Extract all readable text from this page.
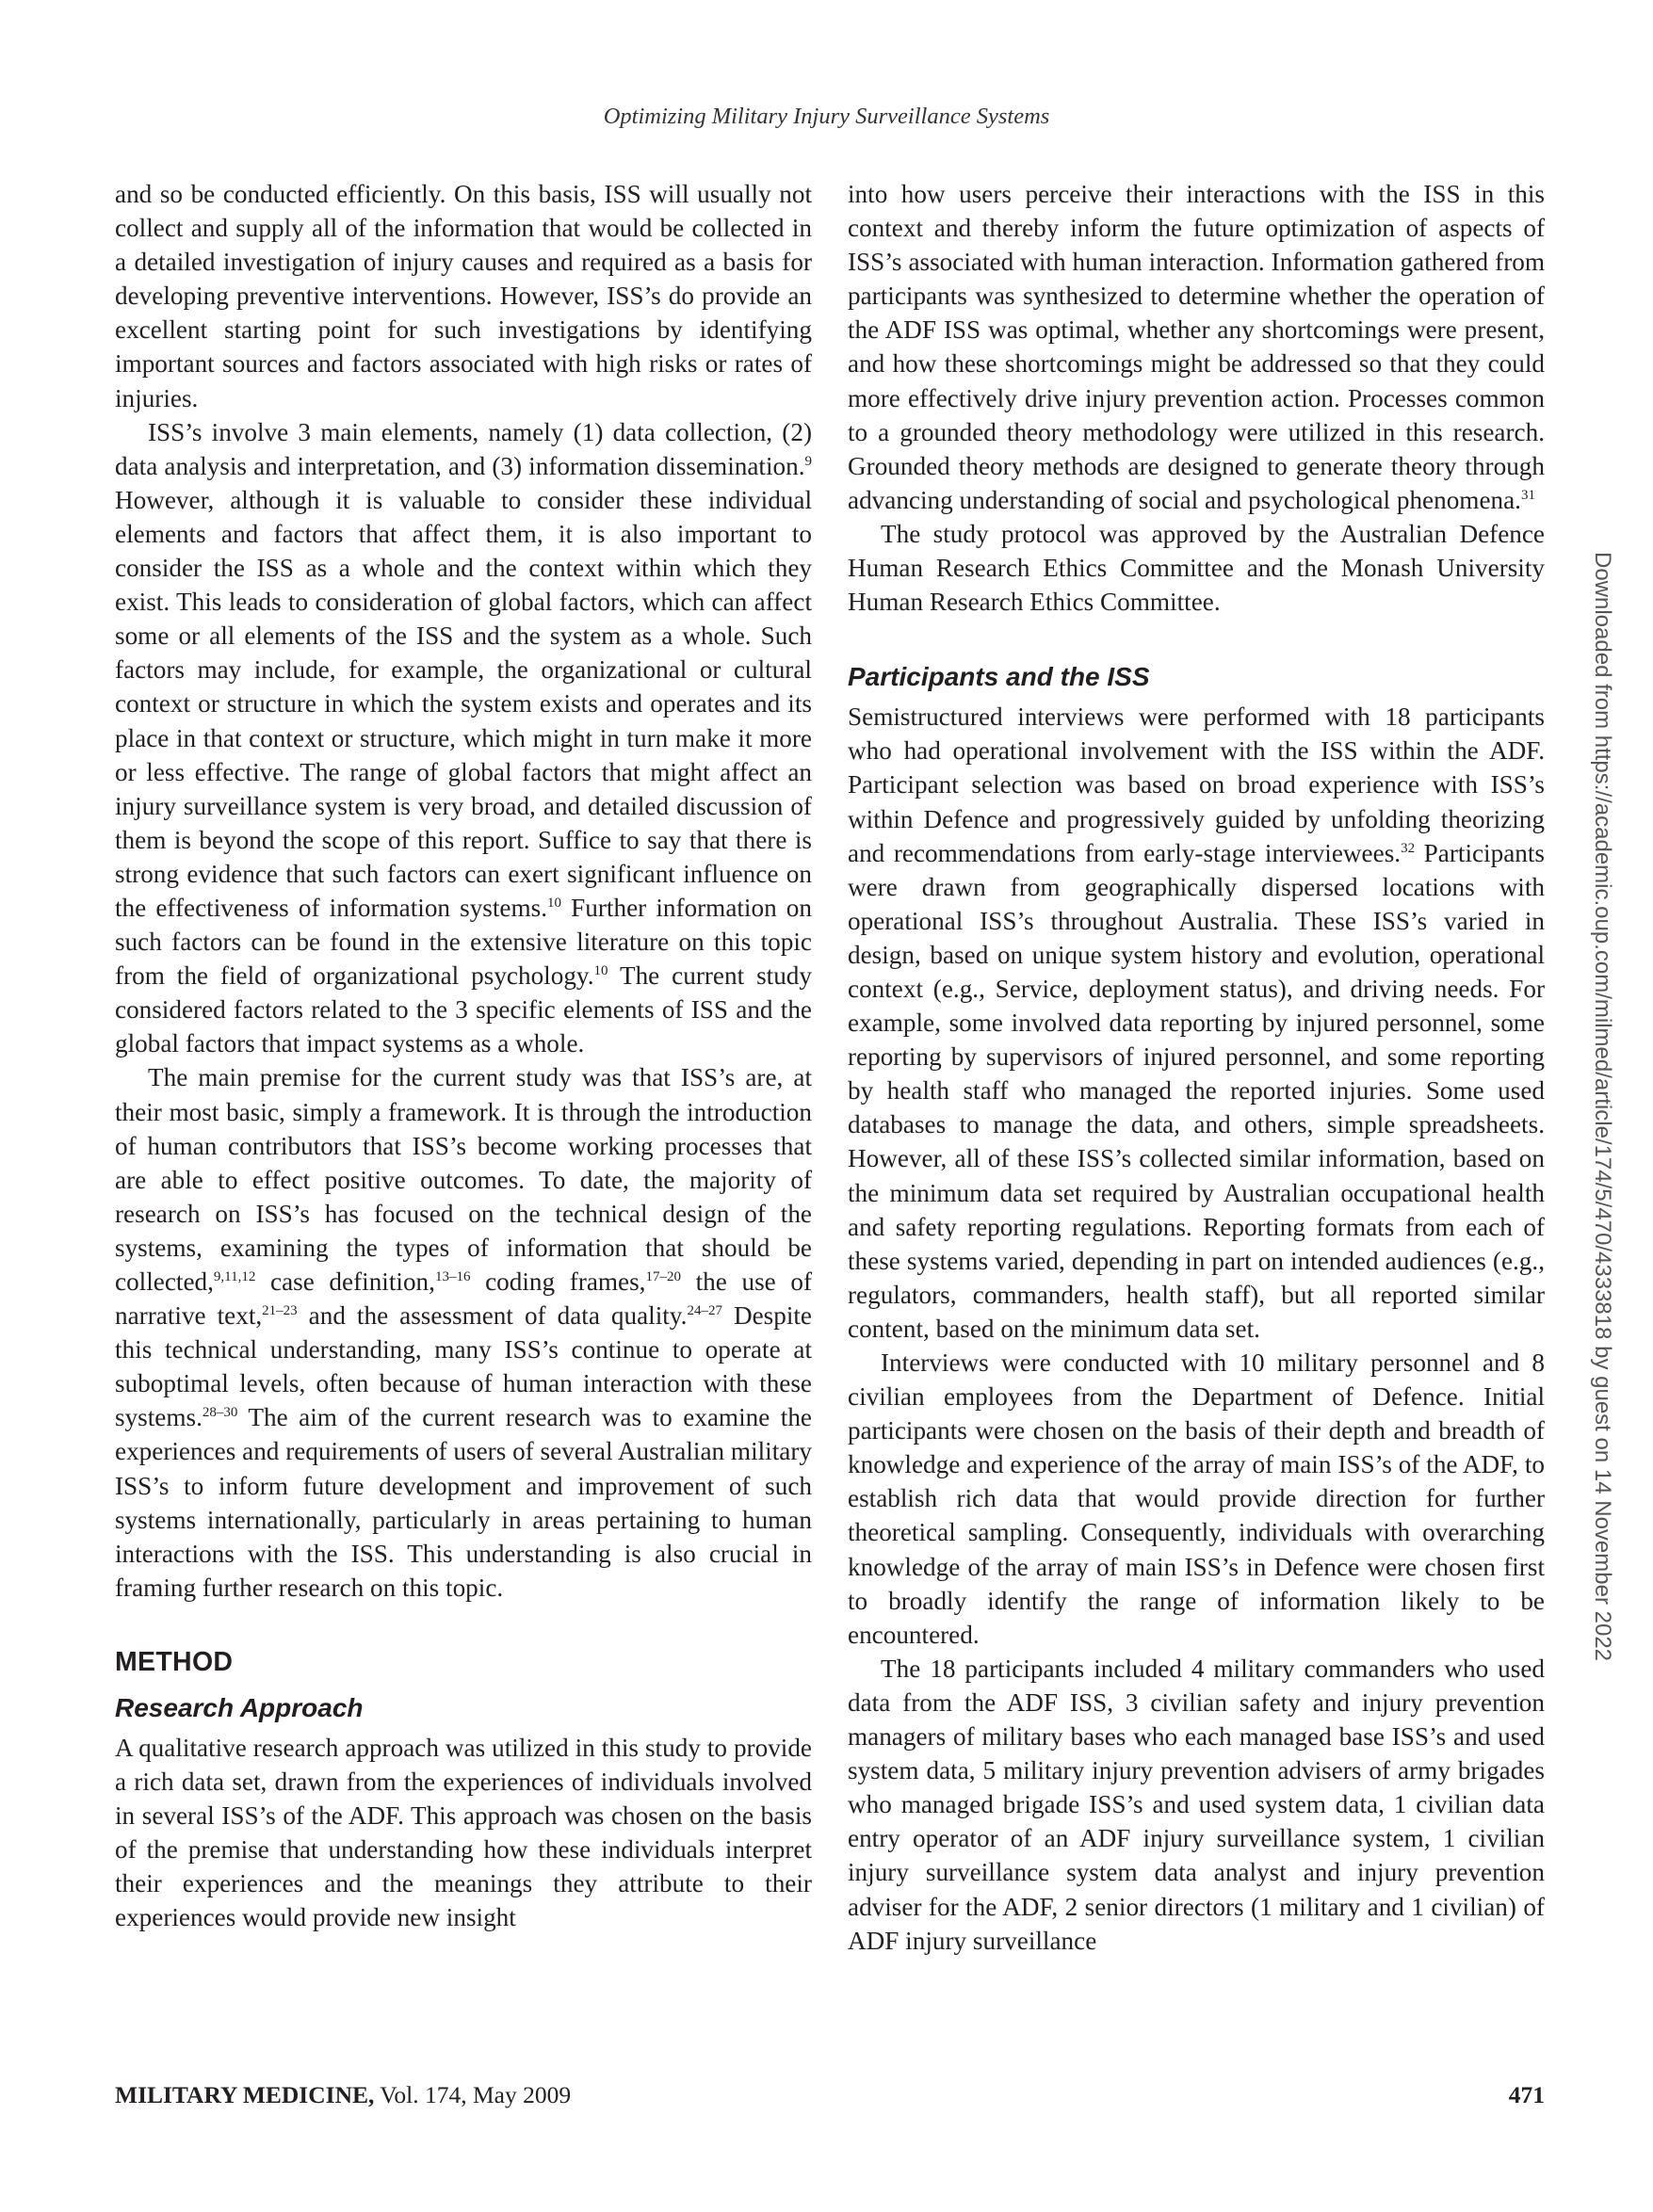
Optimizing Military Injury Surveillance Systems

and so be conducted efficiently. On this basis, ISS will usually not collect and supply all of the information that would be collected in a detailed investigation of injury causes and required as a basis for developing preventive interventions. However, ISS’s do provide an excellent starting point for such investigations by identifying important sources and factors associated with high risks or rates of injuries.

ISS’s involve 3 main elements, namely (1) data collection, (2) data analysis and interpretation, and (3) information dissemination.$^9$ However, although it is valuable to consider these individual elements and factors that affect them, it is also important to consider the ISS as a whole and the context within which they exist. This leads to consideration of global factors, which can affect some or all elements of the ISS and the system as a whole. Such factors may include, for example, the organizational or cultural context or structure in which the system exists and operates and its place in that context or structure, which might in turn make it more or less effective. The range of global factors that might affect an injury surveillance system is very broad, and detailed discussion of them is beyond the scope of this report. Suffice to say that there is strong evidence that such factors can exert significant influence on the effectiveness of information systems.$^{10}$ Further information on such factors can be found in the extensive literature on this topic from the field of organizational psychology.$^{10}$ The current study considered factors related to the 3 specific elements of ISS and the global factors that impact systems as a whole.

The main premise for the current study was that ISS’s are, at their most basic, simply a framework. It is through the introduction of human contributors that ISS’s become working processes that are able to effect positive outcomes. To date, the majority of research on ISS’s has focused on the technical design of the systems, examining the types of information that should be collected,$^{9,11,12}$ case definition,$^{13-16}$ coding frames,$^{17-20}$ the use of narrative text,$^{21-23}$ and the assessment of data quality.$^{24-27}$ Despite this technical understanding, many ISS’s continue to operate at suboptimal levels, often because of human interaction with these systems.$^{28-30}$ The aim of the current research was to examine the experiences and requirements of users of several Australian military ISS’s to inform future development and improvement of such systems internationally, particularly in areas pertaining to human interactions with the ISS. This understanding is also crucial in framing further research on this topic.

METHOD
Research Approach

A qualitative research approach was utilized in this study to provide a rich data set, drawn from the experiences of individuals involved in several ISS’s of the ADF. This approach was chosen on the basis of the premise that understanding how these individuals interpret their experiences and the meanings they attribute to their experiences would provide new insight

into how users perceive their interactions with the ISS in this context and thereby inform the future optimization of aspects of ISS’s associated with human interaction. Information gathered from participants was synthesized to determine whether the operation of the ADF ISS was optimal, whether any shortcomings were present, and how these shortcomings might be addressed so that they could more effectively drive injury prevention action. Processes common to a grounded theory methodology were utilized in this research. Grounded theory methods are designed to generate theory through advancing understanding of social and psychological phenomena.$^{31}$

The study protocol was approved by the Australian Defence Human Research Ethics Committee and the Monash University Human Research Ethics Committee.

Participants and the ISS

Semistructured interviews were performed with 18 participants who had operational involvement with the ISS within the ADF. Participant selection was based on broad experience with ISS’s within Defence and progressively guided by unfolding theorizing and recommendations from early-stage interviewees.$^{32}$ Participants were drawn from geographically dispersed locations with operational ISS’s throughout Australia. These ISS’s varied in design, based on unique system history and evolution, operational context (e.g., Service, deployment status), and driving needs. For example, some involved data reporting by injured personnel, some reporting by supervisors of injured personnel, and some reporting by health staff who managed the reported injuries. Some used databases to manage the data, and others, simple spreadsheets. However, all of these ISS’s collected similar information, based on the minimum data set required by Australian occupational health and safety reporting regulations. Reporting formats from each of these systems varied, depending in part on intended audiences (e.g., regulators, commanders, health staff), but all reported similar content, based on the minimum data set.

Interviews were conducted with 10 military personnel and 8 civilian employees from the Department of Defence. Initial participants were chosen on the basis of their depth and breadth of knowledge and experience of the array of main ISS’s of the ADF, to establish rich data that would provide direction for further theoretical sampling. Consequently, individuals with overarching knowledge of the array of main ISS’s in Defence were chosen first to broadly identify the range of information likely to be encountered.

The 18 participants included 4 military commanders who used data from the ADF ISS, 3 civilian safety and injury prevention managers of military bases who each managed base ISS’s and used system data, 5 military injury prevention advisers of army brigades who managed brigade ISS’s and used system data, 1 civilian data entry operator of an ADF injury surveillance system, 1 civilian injury surveillance system data analyst and injury prevention adviser for the ADF, 2 senior directors (1 military and 1 civilian) of ADF injury surveillance

MILITARY MEDICINE, Vol. 174, May 2009	471
Downloaded from https://academic.oup.com/milmed/article/174/5/470/4333818 by guest on 14 November 2022
